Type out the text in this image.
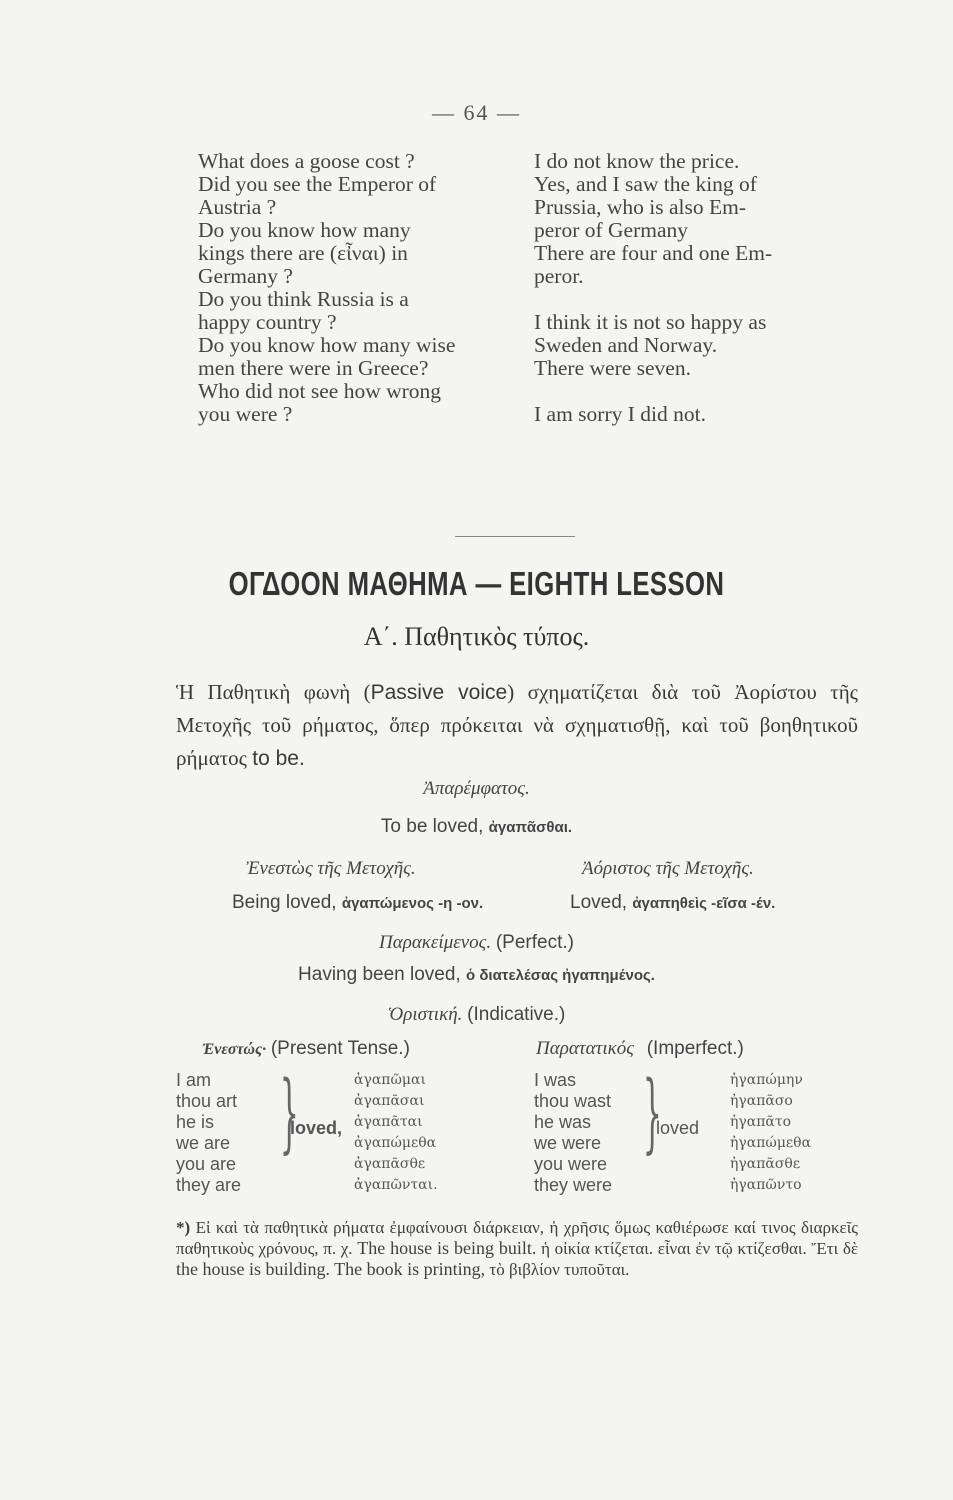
— 64 —
What does a goose cost ?
Did you see the Emperor of
Austria ?
Do you know how many
kings there are (εἶναι) in
Germany ?
Do you think Russia is a
happy country ?
Do you know how many wise
men there were in Greece?
Who did not see how wrong
you were ?
I do not know the price.
Yes, and I saw the king of
Prussia, who is also Em-
peror of Germany
There are four and one Em-
peror.

I think it is not so happy as
Sweden and Norway.
There were seven.

I am sorry I did not.

ΟΓΔΟΟΝ ΜΑΘΗΜΑ — EIGHTH LESSON
Α΄. Παθητικὸς τύπος.
Ἡ Παθητικὴ φωνὴ (Passive voice) σχηματίζεται διὰ τοῦ Ἀορίστου τῆς Μετοχῆς τοῦ ρήματος, ὅπερ πρόκειται νὰ σχηματισθῇ, καὶ τοῦ βοηθητικοῦ ρήματος to be.
Ἀπαρέμφατος.
To be loved, ἀγαπᾶσθαι.
Ἐνεστὼς τῆς Μετοχῆς.
Being loved, ἀγαπώμενος -η -ον.
Ἀόριστος τῆς Μετοχῆς.
Loved, ἀγαπηθεὶς -εῖσα -έν.
Παρακείμενος. (Perfect.)
Having been loved, ὁ διατελέσας ἠγαπημένος.
Ὁριστική. (Indicative.)
Ἐνεστώς· (Present Tense.)	Παρατατικός (Imperfect.)
I am
thou art
he is
we are
you are
they are
}
loved,
ἀγαπῶμαι
ἀγαπᾶσαι
ἀγαπᾶται
ἀγαπώμεθα
ἀγαπᾶσθε
ἀγαπῶνται.
I was
thou wast
he was
we were
you were
they were
}
loved
ἠγαπώμην
ἠγαπᾶσο
ἠγαπᾶτο
ἠγαπώμεθα
ἠγαπᾶσθε
ἠγαπῶντο
*) Εἰ καὶ τὰ παθητικὰ ρήματα ἐμφαίνουσι διάρκειαν, ἡ χρῆσις ὅμως καθιέρωσε καί τινος διαρκεῖς παθητικοὺς χρόνους, π. χ. The house is being built. ἡ οἰκία κτίζεται. εἶναι ἐν τῷ κτίζεσθαι. Ἔτι δὲ the house is building. The book is printing, τὸ βιβλίον τυποῦται.
